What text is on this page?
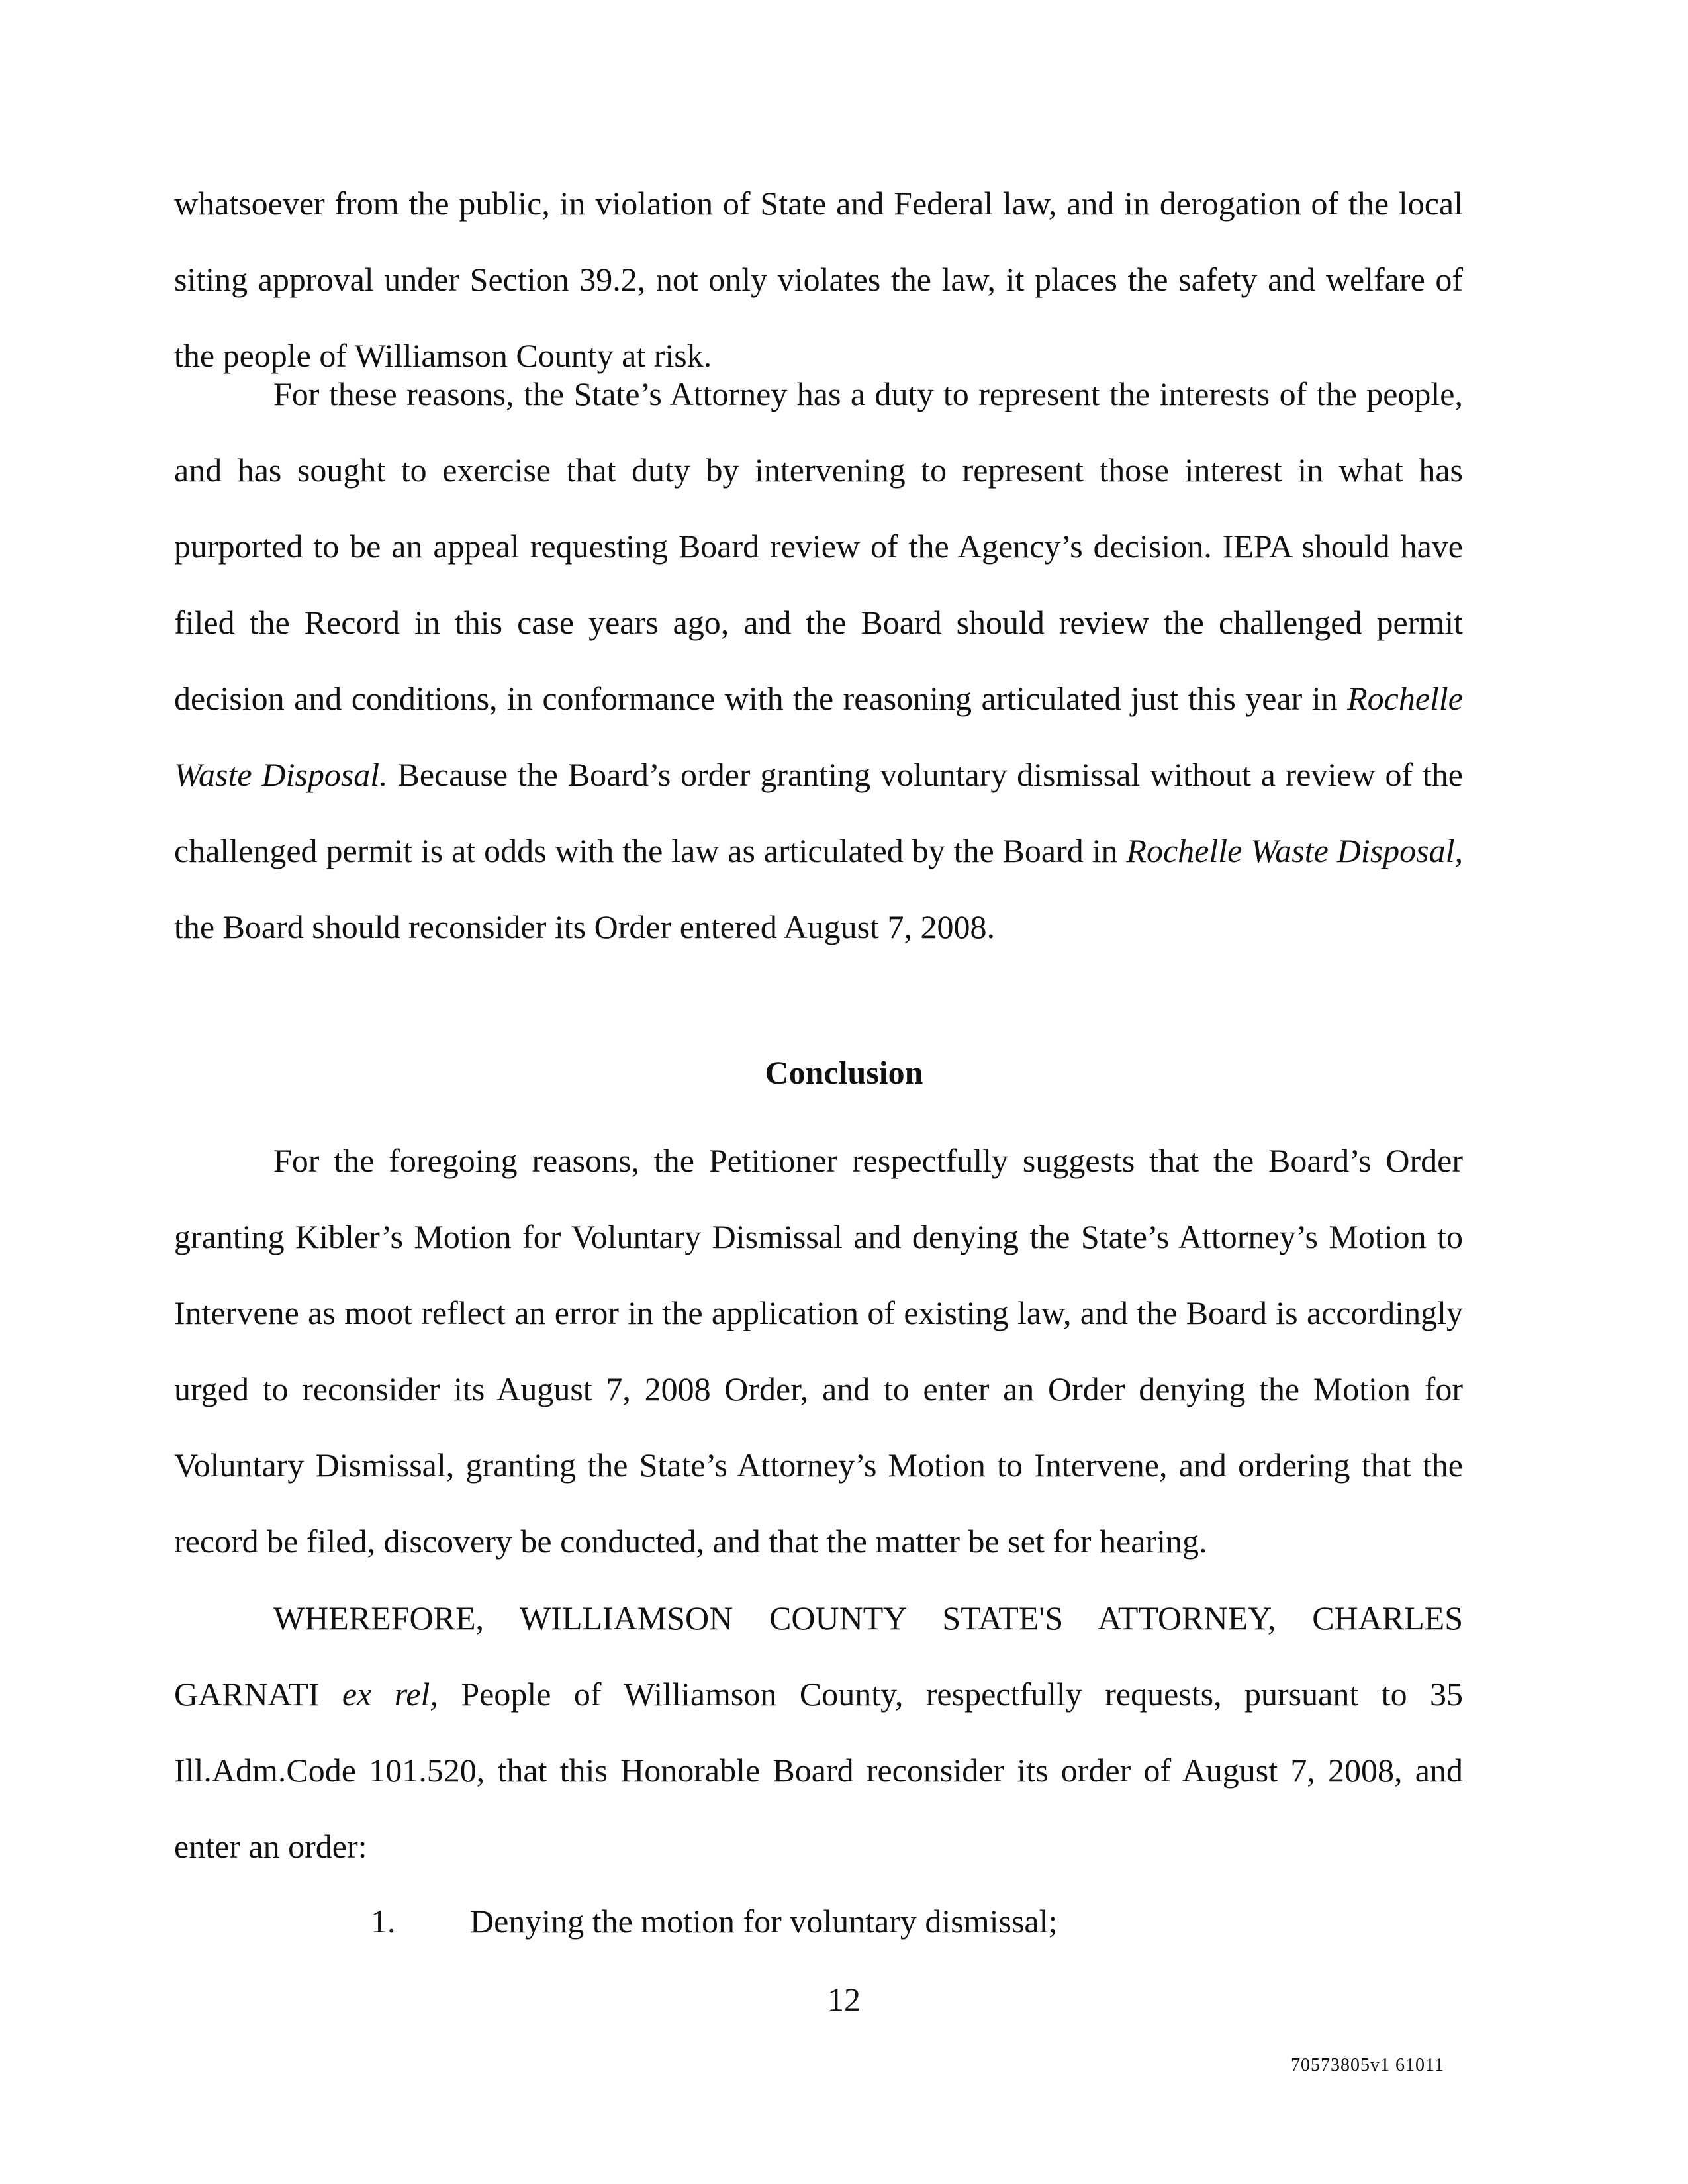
whatsoever from the public, in violation of State and Federal law, and in derogation of the local siting approval under Section 39.2, not only violates the law, it places the safety and welfare of the people of Williamson County at risk.

For these reasons, the State’s Attorney has a duty to represent the interests of the people, and has sought to exercise that duty by intervening to represent those interest in what has purported to be an appeal requesting Board review of the Agency’s decision. IEPA should have filed the Record in this case years ago, and the Board should review the challenged permit decision and conditions, in conformance with the reasoning articulated just this year in Rochelle Waste Disposal. Because the Board’s order granting voluntary dismissal without a review of the challenged permit is at odds with the law as articulated by the Board in Rochelle Waste Disposal, the Board should reconsider its Order entered August 7, 2008.

Conclusion

For the foregoing reasons, the Petitioner respectfully suggests that the Board’s Order granting Kibler’s Motion for Voluntary Dismissal and denying the State’s Attorney’s Motion to Intervene as moot reflect an error in the application of existing law, and the Board is accordingly urged to reconsider its August 7, 2008 Order, and to enter an Order denying the Motion for Voluntary Dismissal, granting the State’s Attorney’s Motion to Intervene, and ordering that the record be filed, discovery be conducted, and that the matter be set for hearing.

WHEREFORE, WILLIAMSON COUNTY STATE'S ATTORNEY, CHARLES GARNATI ex rel, People of Williamson County, respectfully requests, pursuant to 35 Ill.Adm.Code 101.520, that this Honorable Board reconsider its order of August 7, 2008, and enter an order:

1. Denying the motion for voluntary dismissal;
12
70573805v1 61011
